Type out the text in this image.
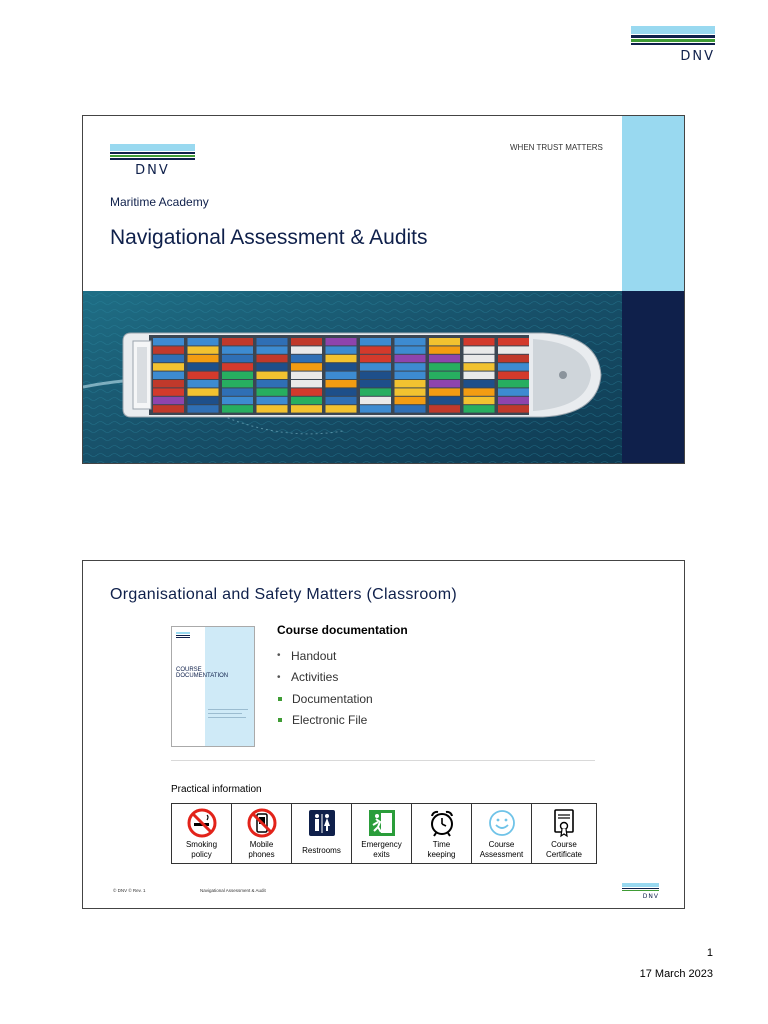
DNV
DNV
WHEN TRUST MATTERS
Maritime Academy
Navigational Assessment & Audits
Organisational and Safety Matters (Classroom)
COURSE DOCUMENTATION
Course documentation
• Handout
• Activities
Documentation
Electronic File
Practical information
Smoking
policy
Mobile
phones	Restrooms
Emergency
exits
Time
keeping
Course
Assessment
Course
Certificate
© DNV © Rev. 1	Navigational Assessment & Audit
DNV
1
17 March 2023
